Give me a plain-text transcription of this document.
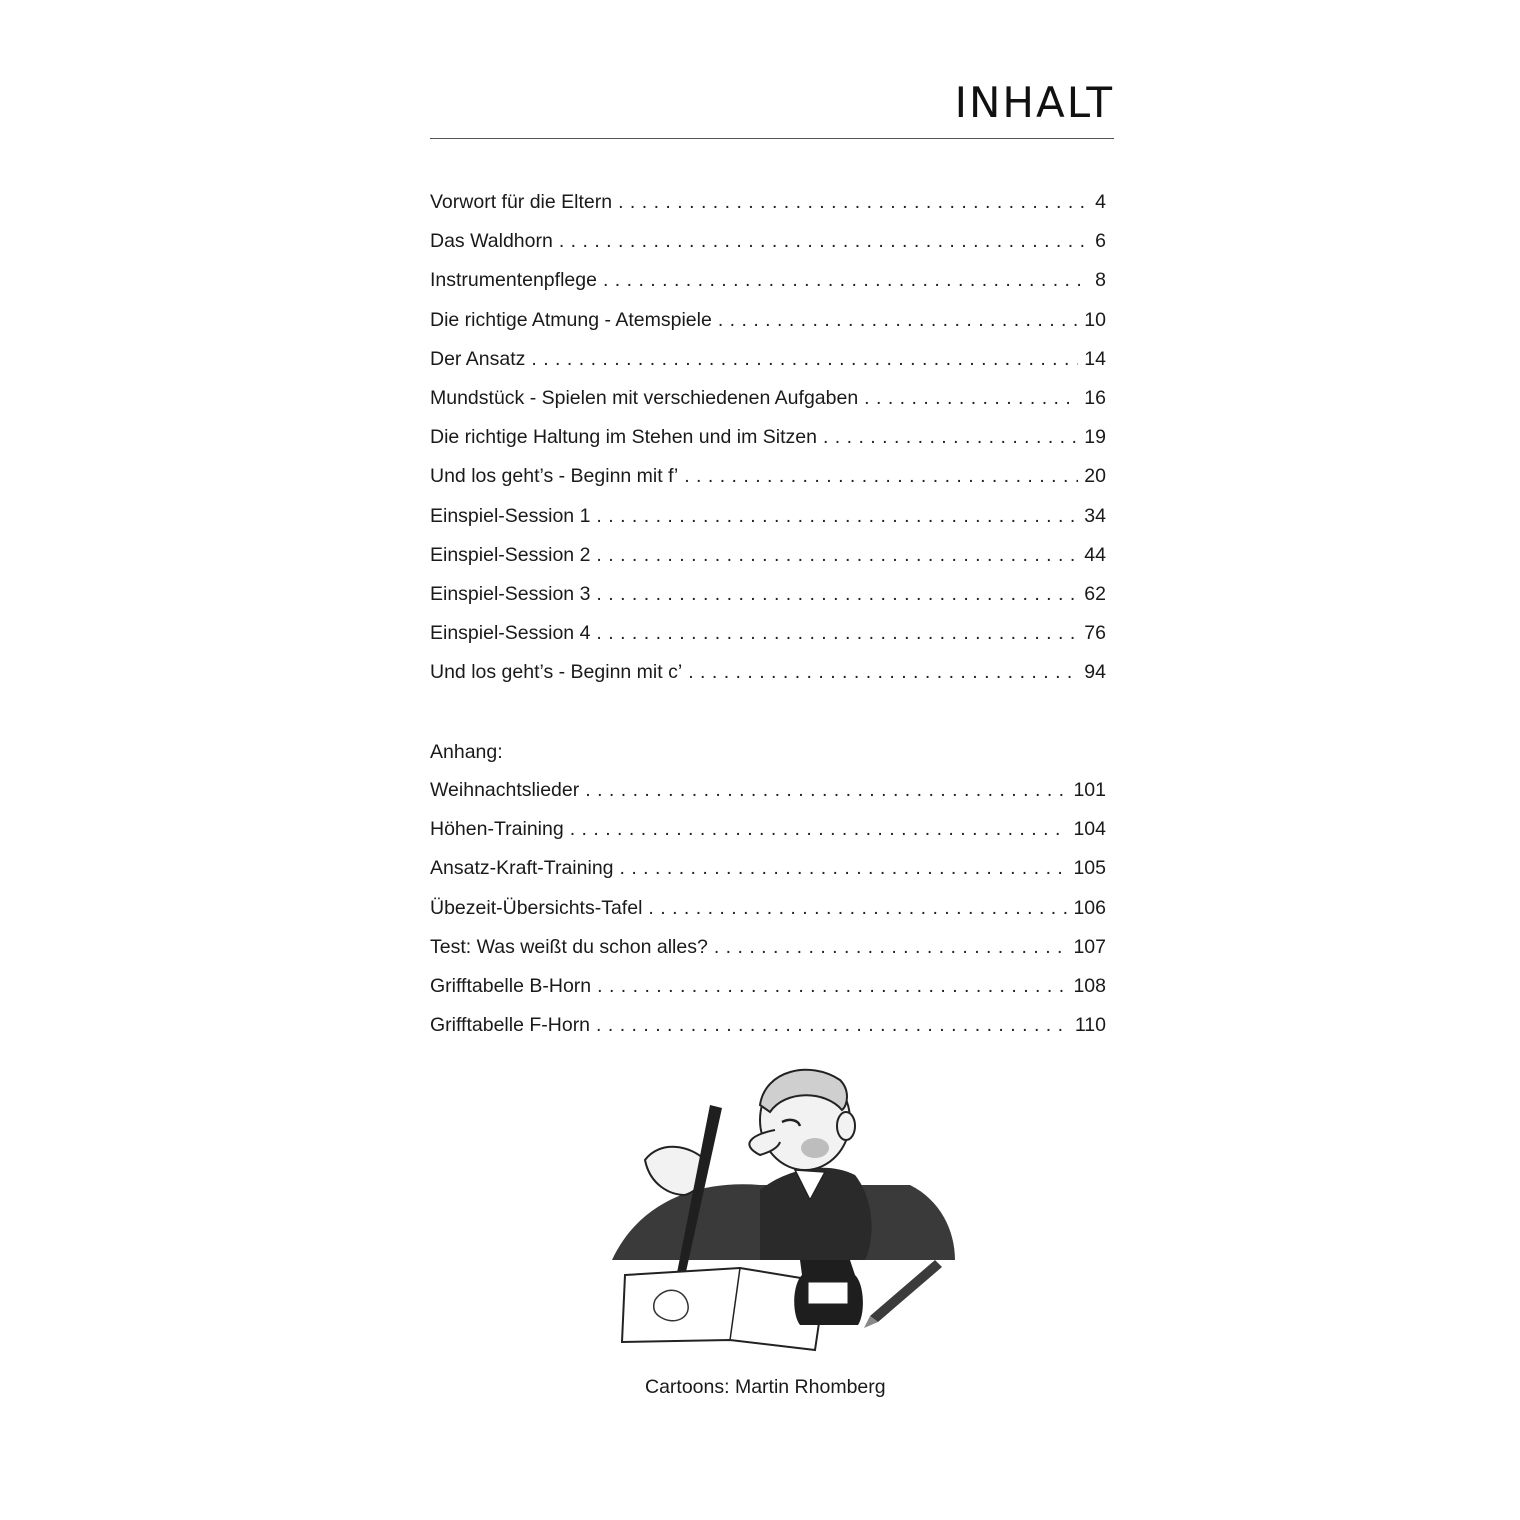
INHALT
Vorwort für die Eltern . . .	4
Das Waldhorn . . .	6
Instrumentenpflege . . .	8
Die richtige Atmung - Atemspiele . . .	10
Der Ansatz . . .	14
Mundstück - Spielen mit verschiedenen Aufgaben . . .	16
Die richtige Haltung im Stehen und im Sitzen . . .	19
Und los geht’s - Beginn mit f’ . . .	20
Einspiel-Session 1 . . .	34
Einspiel-Session 2 . . .	44
Einspiel-Session 3 . . .	62
Einspiel-Session 4 . . .	76
Und los geht’s - Beginn mit c’ . . .	94
Anhang:
Weihnachtslieder . . .	101
Höhen-Training . . .	104
Ansatz-Kraft-Training . . .	105
Übezeit-Übersichts-Tafel . . .	106
Test: Was weißt du schon alles? . . .	107
Grifftabelle B-Horn . . .	108
Grifftabelle F-Horn . . .	110
Cartoons: Martin Rhomberg
